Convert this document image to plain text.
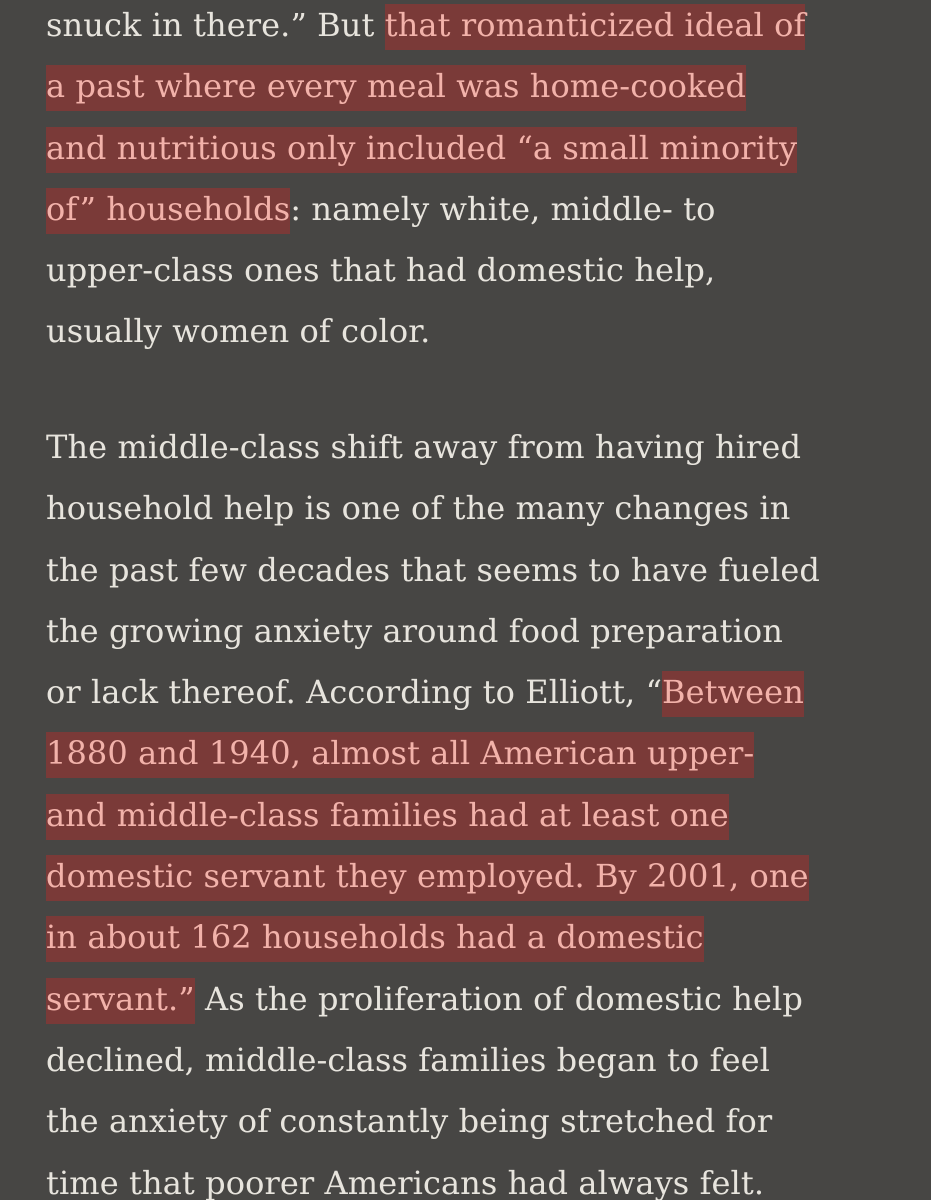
snuck in there.” But that romanticized ideal of
a past where every meal was home-cooked
and nutritious only included “a small minority
of” households: namely white, middle- to
upper-class ones that had domestic help,
usually women of color.

The middle-class shift away from having hired
household help is one of the many changes in
the past few decades that seems to have fueled
the growing anxiety around food preparation
or lack thereof. According to Elliott, “Between
1880 and 1940, almost all American upper-
and middle-class families had at least one
domestic servant they employed. By 2001, one
in about 162 households had a domestic
servant.” As the proliferation of domestic help
declined, middle-class families began to feel
the anxiety of constantly being stretched for
time that poorer Americans had always felt.
